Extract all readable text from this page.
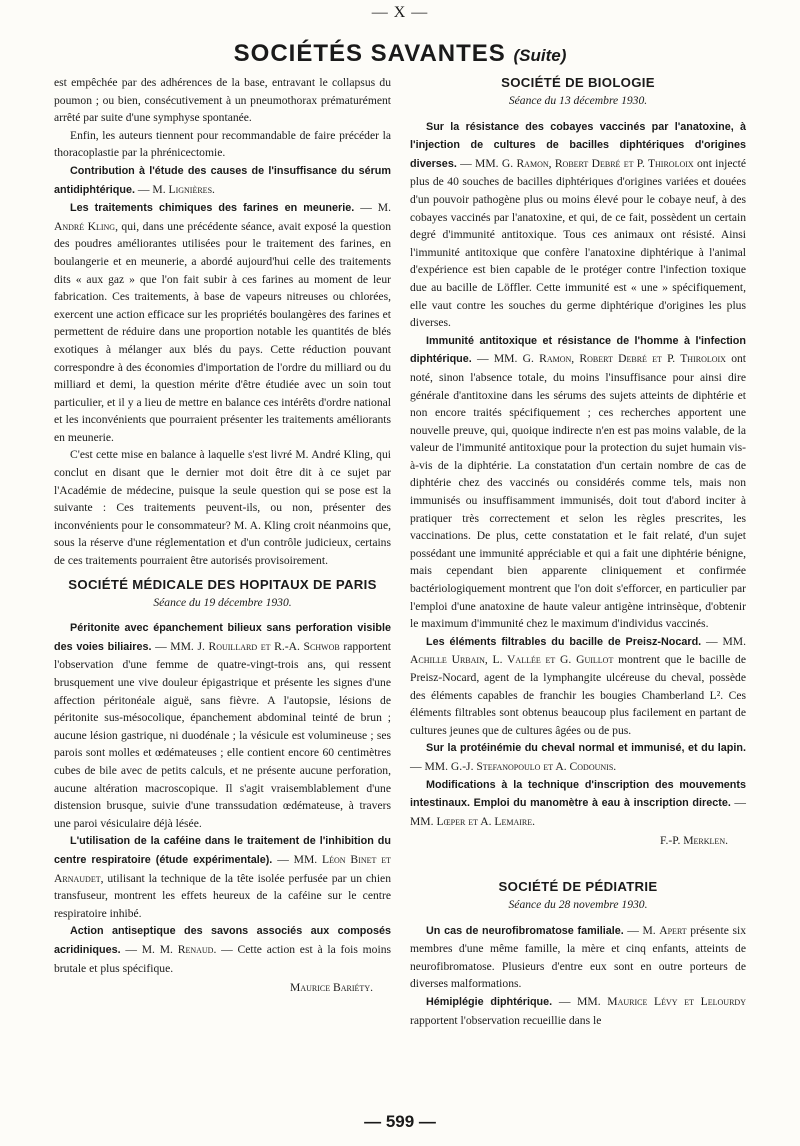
— X —
SOCIÉTÉS SAVANTES (Suite)

est empêchée par des adhérences de la base, entravant le collapsus du poumon ; ou bien, consécutivement à un pneumothorax prématurément arrêté par suite d'une symphyse spontanée.

Enfin, les auteurs tiennent pour recommandable de faire précéder la thoracoplastie par la phrénicectomie.

Contribution à l'étude des causes de l'insuffisance du sérum antidiphtérique. — M. Lignières.

Les traitements chimiques des farines en meunerie. — M. André Kling, qui, dans une précédente séance, avait exposé la question des poudres améliorantes utilisées pour le traitement des farines, en boulangerie et en meunerie, a abordé aujourd'hui celle des traitements dits « aux gaz » que l'on fait subir à ces farines au moment de leur fabrication. Ces traitements, à base de vapeurs nitreuses ou chlorées, exercent une action efficace sur les propriétés boulangères des farines et permettent de réduire dans une proportion notable les quantités de blés exotiques à mélanger aux blés du pays. Cette réduction pouvant correspondre à des économies d'importation de l'ordre du milliard ou du milliard et demi, la question mérite d'être étudiée avec un soin tout particulier, et il y a lieu de mettre en balance ces intérêts d'ordre national et les inconvénients que pourraient présenter les traitements améliorants en meunerie.

C'est cette mise en balance à laquelle s'est livré M. André Kling, qui conclut en disant que le dernier mot doit être dit à ce sujet par l'Académie de médecine, puisque la seule question qui se pose est la suivante : Ces traitements peuvent-ils, ou non, présenter des inconvénients pour le consommateur? M. A. Kling croit néanmoins que, sous la réserve d'une réglementation et d'un contrôle judicieux, certains de ces traitements pourraient être autorisés provisoirement.

SOCIÉTÉ MÉDICALE DES HOPITAUX DE PARIS
Séance du 19 décembre 1930.

Péritonite avec épanchement bilieux sans perforation visible des voies biliaires. — MM. J. Rouillard et R.-A. Schwob rapportent l'observation d'une femme de quatre-vingt-trois ans, qui ressent brusquement une vive douleur épigastrique et présente les signes d'une affection péritonéale aiguë, sans fièvre. A l'autopsie, lésions de péritonite sus-mésocolique, épanchement abdominal teinté de brun ; aucune lésion gastrique, ni duodénale ; la vésicule est volumineuse ; ses parois sont molles et œdémateuses ; elle contient encore 60 centimètres cubes de bile avec de petits calculs, et ne présente aucune perforation, aucune altération macroscopique. Il s'agit vraisemblablement d'une distension brusque, suivie d'une transsudation œdémateuse, à travers une paroi vésiculaire déjà lésée.

L'utilisation de la caféine dans le traitement de l'inhibition du centre respiratoire (étude expérimentale). — MM. Léon Binet et Arnaudet, utilisant la technique de la tête isolée perfusée par un chien transfuseur, montrent les effets heureux de la caféine sur le centre respiratoire inhibé.

Action antiseptique des savons associés aux composés acridiniques. — M. M. Renaud. — Cette action est à la fois moins brutale et plus spécifique.

Maurice Bariéty.
SOCIÉTÉ DE BIOLOGIE
Séance du 13 décembre 1930.

Sur la résistance des cobayes vaccinés par l'anatoxine, à l'injection de cultures de bacilles diphtériques d'origines diverses. — MM. G. Ramon, Robert Debré et P. Thiroloix ont injecté plus de 40 souches de bacilles diphtériques d'origines variées et douées d'un pouvoir pathogène plus ou moins élevé pour le cobaye neuf, à des cobayes vaccinés par l'anatoxine, et qui, de ce fait, possèdent un certain degré d'immunité antitoxique. Tous ces animaux ont résisté. Ainsi l'immunité antitoxique que confère l'anatoxine diphtérique à l'animal d'expérience est bien capable de le protéger contre l'infection toxique due au bacille de Löffler. Cette immunité est « une » spécifiquement, elle vaut contre les souches du germe diphtérique d'origines les plus diverses.

Immunité antitoxique et résistance de l'homme à l'infection diphtérique. — MM. G. Ramon, Robert Debré et P. Thiroloix ont noté, sinon l'absence totale, du moins l'insuffisance pour ainsi dire générale d'antitoxine dans les sérums des sujets atteints de diphtérie et non encore traités spécifiquement ; ces recherches apportent une nouvelle preuve, qui, quoique indirecte n'en est pas moins valable, de la valeur de l'immunité antitoxique pour la protection du sujet humain vis-à-vis de la diphtérie. La constatation d'un certain nombre de cas de diphtérie chez des vaccinés ou considérés comme tels, mais non immunisés ou insuffisamment immunisés, doit tout d'abord inciter à pratiquer très correctement et selon les règles prescrites, les vaccinations. De plus, cette constatation et le fait relaté, d'un sujet possédant une immunité appréciable et qui a fait une diphtérie bénigne, mais cependant bien apparente cliniquement et confirmée bactériologiquement montrent que l'on doit s'efforcer, en particulier par l'emploi d'une anatoxine de haute valeur antigène intrinsèque, d'obtenir le maximum d'immunité chez le maximum d'individus vaccinés.

Les éléments filtrables du bacille de Preisz-Nocard. — MM. Achille Urbain, L. Vallée et G. Guillot montrent que le bacille de Preisz-Nocard, agent de la lymphangite ulcéreuse du cheval, possède des éléments capables de franchir les bougies Chamberland L². Ces éléments filtrables sont obtenus beaucoup plus facilement en partant de cultures jeunes que de cultures âgées ou de pus.

Sur la protéinémie du cheval normal et immunisé, et du lapin. — MM. G.-J. Stefanopoulo et A. Codounis.

Modifications à la technique d'inscription des mouvements intestinaux. Emploi du manomètre à eau à inscription directe. — MM. Lœper et A. Lemaire.

F.-P. Merklen.
SOCIÉTÉ DE PÉDIATRIE
Séance du 28 novembre 1930.

Un cas de neurofibromatose familiale. — M. Apert présente six membres d'une même famille, la mère et cinq enfants, atteints de neurofibromatose. Plusieurs d'entre eux sont en outre porteurs de diverses malformations.

Hémiplégie diphtérique. — MM. Maurice Lévy et Lelourdy rapportent l'observation recueillie dans le

— 599 —
